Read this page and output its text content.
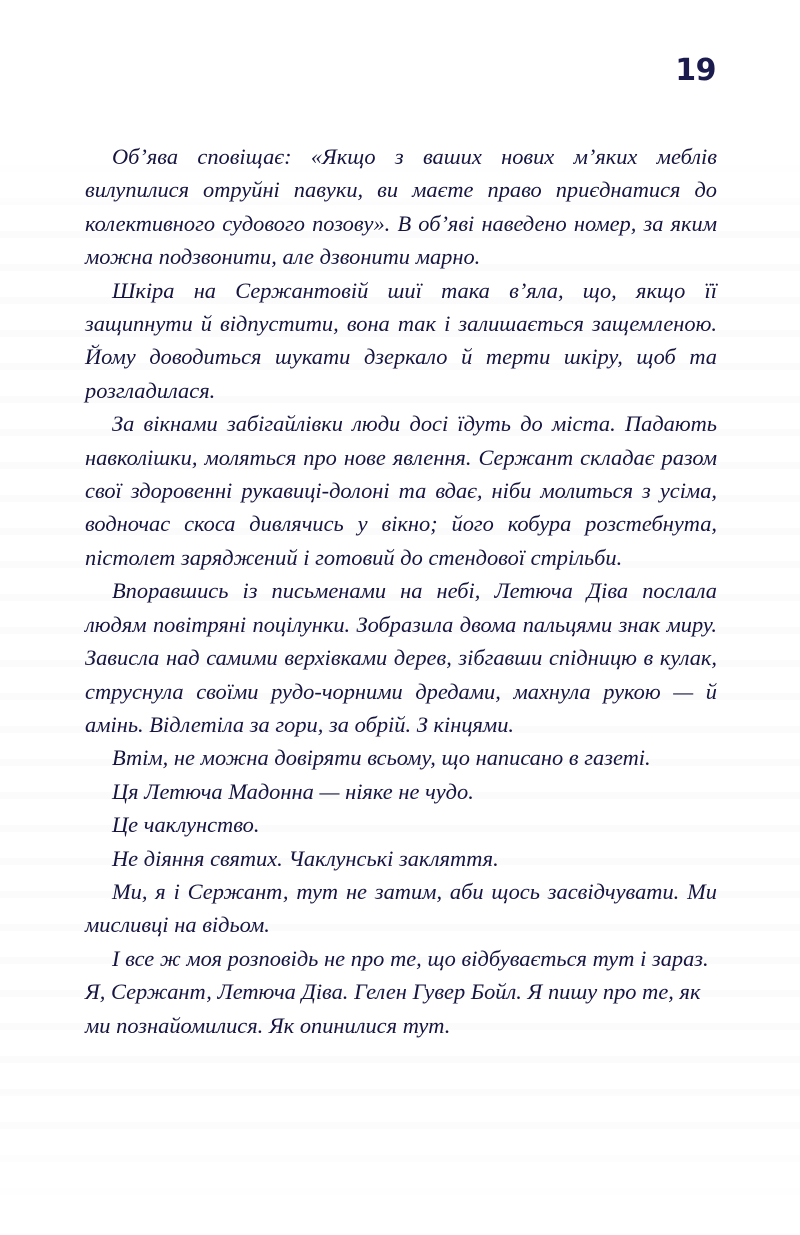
19

Об’ява сповіщає: «Якщо з ваших нових м’яких меблів вилупилися отруйні павуки, ви маєте право приєднатися до колективного судового позову». В об’яві наведено номер, за яким можна подзвонити, але дзвонити марно.

Шкіра на Сержантовій шиї така в’яла, що, якщо її защипнути й відпустити, вона так і залишається защемленою. Йому доводиться шукати дзеркало й терти шкіру, щоб та розгладилася.

За вікнами забігайлівки люди досі їдуть до міста. Падають навколішки, моляться про нове явлення. Сержант складає разом свої здоровенні рукавиці-долоні та вдає, ніби молиться з усіма, водночас скоса дивлячись у вікно; його кобура розстебнута, пістолет заряджений і готовий до стендової стрільби.

Впоравшись із письменами на небі, Летюча Діва послала людям повітряні поцілунки. Зобразила двома пальцями знак миру. Зависла над самими верхівками дерев, зібгавши спідницю в кулак, струснула своїми рудо-чорними дредами, махнула рукою — й амінь. Відлетіла за гори, за обрій. З кінцями.

Втім, не можна довіряти всьому, що написано в газеті.

Ця Летюча Мадонна — ніяке не чудо.

Це чаклунство.

Не діяння святих. Чаклунські закляття.

Ми, я і Сержант, тут не затим, аби щось засвідчувати. Ми мисливці на відьом.

І все ж моя розповідь не про те, що відбувається тут і зараз. Я, Сержант, Летюча Діва. Гелен Гувер Бойл. Я пишу про те, як ми познайомилися. Як опинилися тут.
